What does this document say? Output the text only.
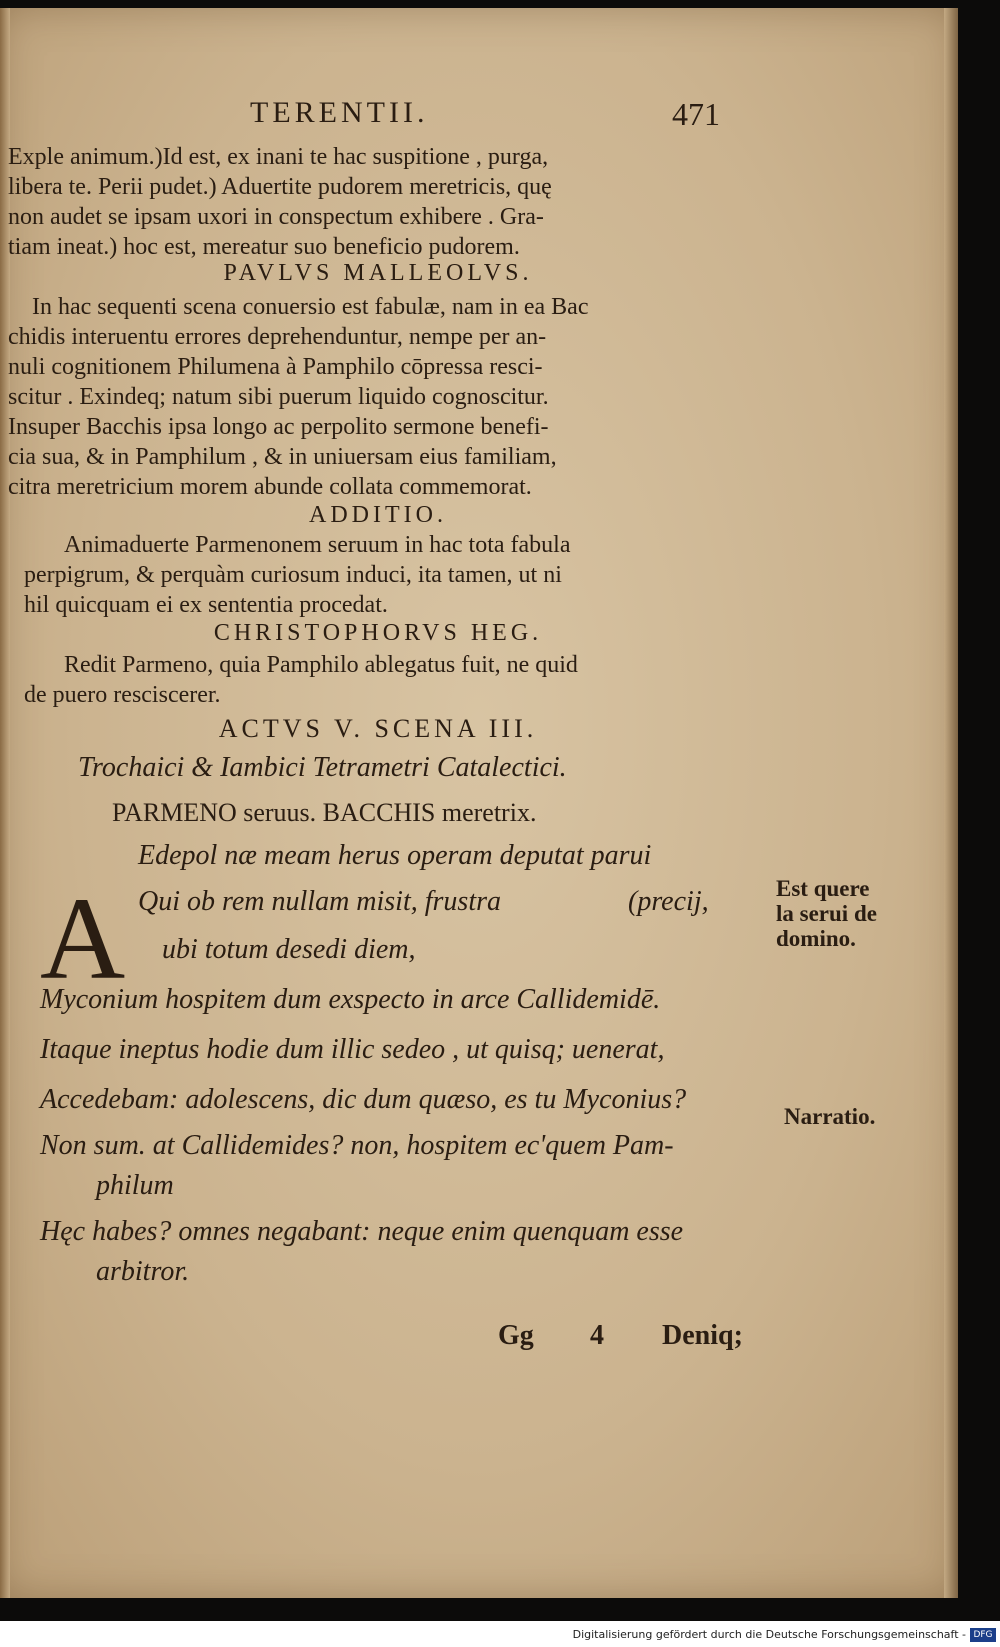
TERENTII.	471
Exple animum.)Id est, ex inani te hac suspitione , purga,
libera te. Perii pudet.) Aduertite pudorem meretricis, quę
non audet se ipsam uxori in conspectum exhibere . Gra-
tiam ineat.) hoc est, mereatur suo beneficio pudorem.
PAVLVS MALLEOLVS.
In hac sequenti scena conuersio est fabulæ, nam in ea Bac
chidis interuentu errores deprehenduntur, nempe per an-
nuli cognitionem Philumena à Pamphilo cōpressa resci-
scitur . Exindeq; natum sibi puerum liquido cognoscitur.
Insuper Bacchis ipsa longo ac perpolito sermone benefi-
cia sua, & in Pamphilum , & in uniuersam eius familiam,
citra meretricium morem abunde collata commemorat.
ADDITIO.
Animaduerte Parmenonem seruum in hac tota fabula
perpigrum, & perquàm curiosum induci, ita tamen, ut ni
hil quicquam ei ex sententia procedat.
CHRISTOPHORVS HEG.
Redit Parmeno, quia Pamphilo ablegatus fuit, ne quid
de puero resciscerer.
ACTVS V. SCENA III.
Trochaici & Iambici Tetrametri Catalectici.
PARMENO seruus. BACCHIS meretrix.
Edepol næ meam herus operam deputat parui
Qui ob rem nullam misit, frustra	(precij,
ubi totum desedi diem,
Myconium hospitem dum exspecto in arce Callidemidē.
Itaque ineptus hodie dum illic sedeo , ut quisq; uenerat,
Accedebam: adolescens, dic dum quæso, es tu Myconius?
Non sum. at Callidemides? non, hospitem ec'quem Pam-
philum
Hęc habes? omnes negabant: neque enim quenquam esse
arbitror.
Gg 4 Deniq;
A	Est quere
la serui de
domino.
Narratio.
Digitalisierung gefördert durch die Deutsche Forschungsgemeinschaft - DFG
